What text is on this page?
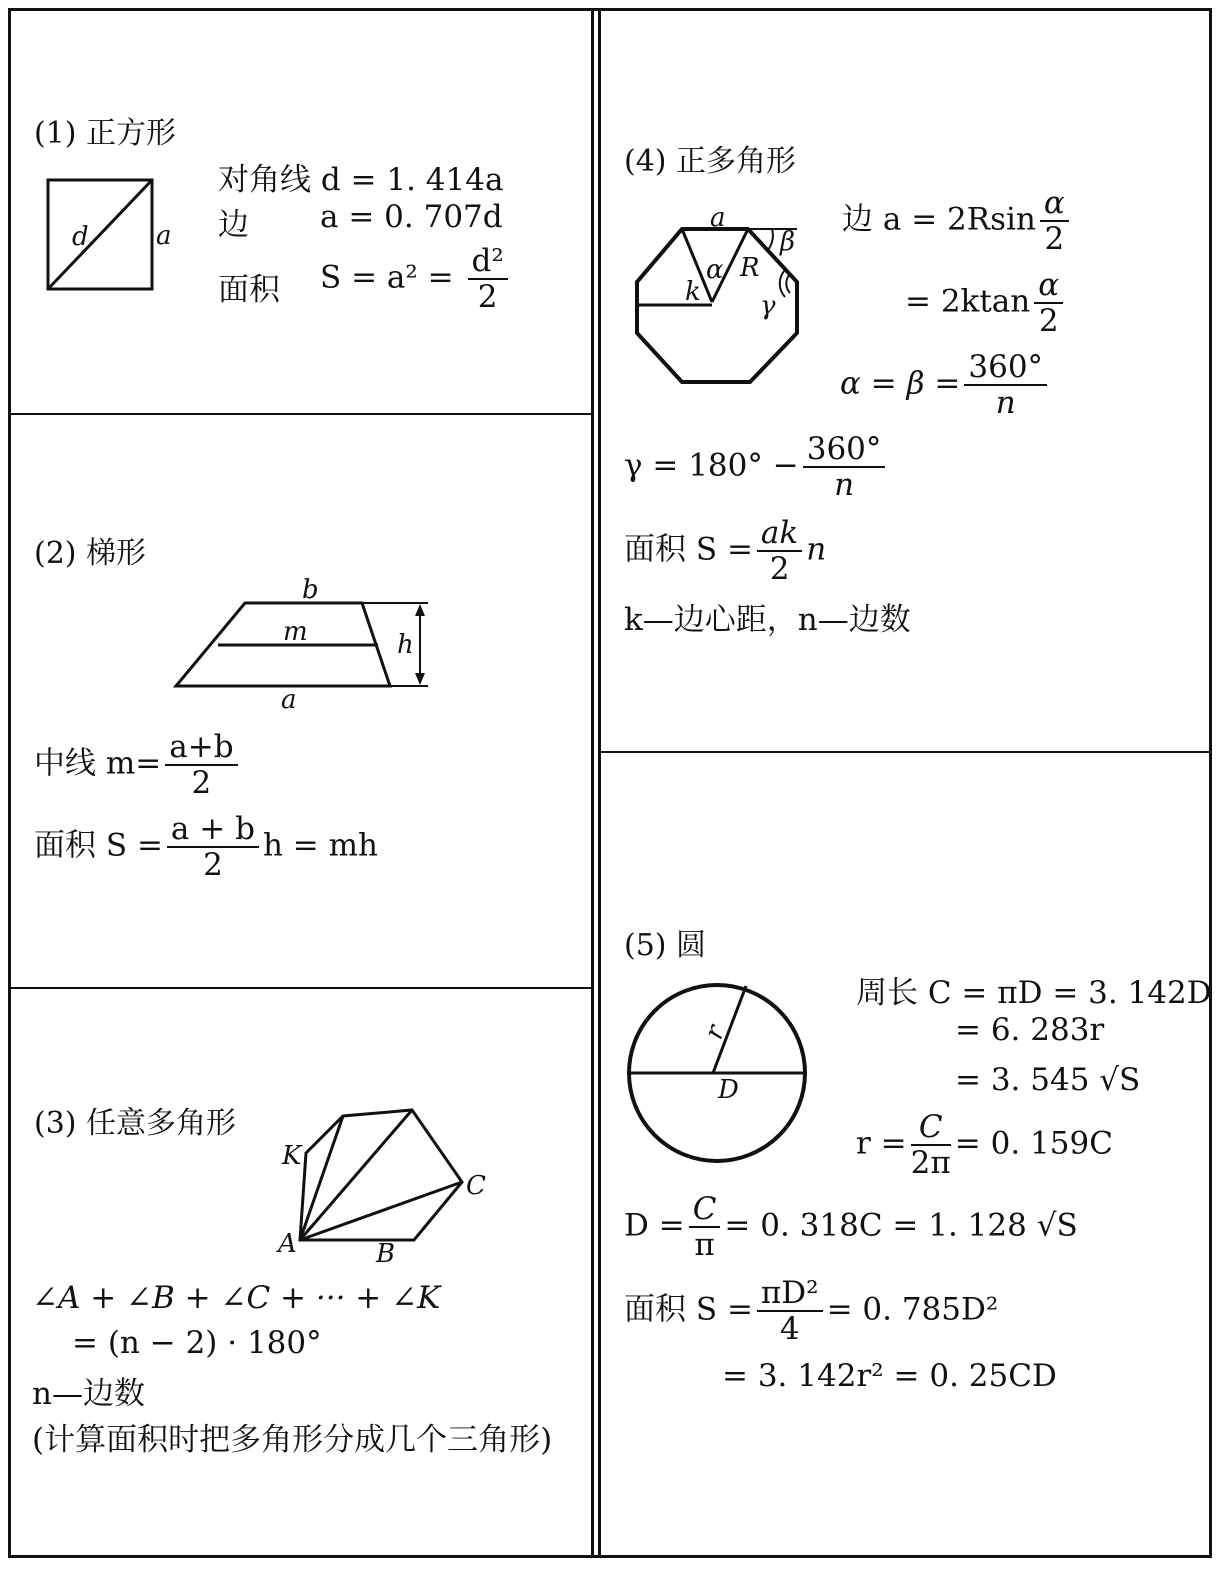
(1) 正方形
d	a
对角线 d = 1. 414a
边 a = 0. 707d
面积 $S = a^2 = \frac{\text{d²}}{2}$
(2) 梯形
b
m	h
a
中线 $m= \frac{a+b}{2}$
面积 $S = \frac{a + b}{2}$ h = mh
(3) 任意多角形
K
C
A	B
∠A + ∠B + ∠C + ··· + ∠K
= (n − 2) · 180°
n—边数
(计算面积时把多角形分成几个三角形)
(4) 正多角形
a
β
α R
k γ
边 $a = 2Rsin \frac{\alpha}{2}$
= $2ktan \frac{\alpha}{2}$
$\alpha = \beta = \frac{360^\circ}{n}$
$\gamma = 180^\circ - \frac{360^\circ}{n}$
面积 $S = \frac{ak}{2}$ n
k—边心距，n—边数
(5) 圆
r
D
周长 C = πD = 3. 142D
= 6. 283r
= 3. 545 √S
$r = \frac{C}{2\pi} = 0$. 159C
$D = \frac{C}{\pi} = 0$. 318C = 1. 128 √S
面积 $S = \frac{\text{πD²}}{4} = 0$. 785D²
= 3. 142r² = 0. 25CD
